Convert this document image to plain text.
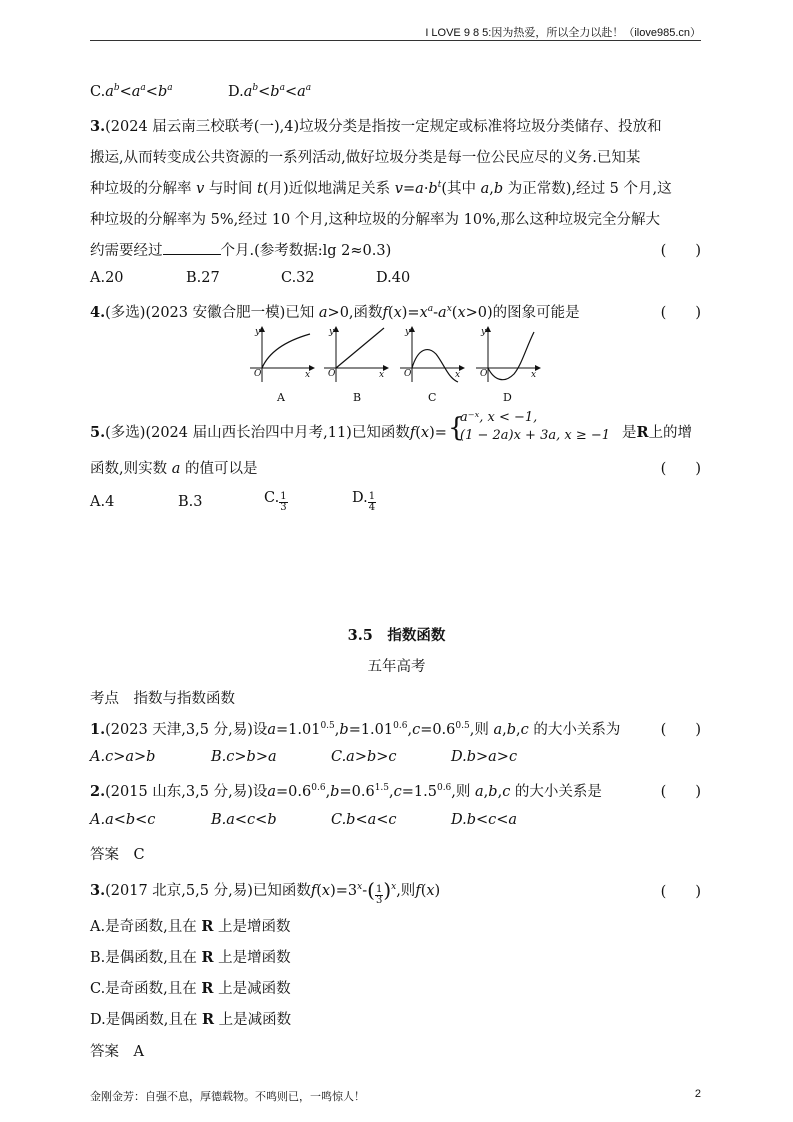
I LOVE 9 8 5:因为热爱，所以全力以赴！（ilove985.cn）
$C.a^b<a^a<b^a$	$D.a^b<b^a<a^a$
3.(2024 届云南三校联考(一),4)垃圾分类是指按一定规定或标准将垃圾分类储存、投放和
搬运,从而转变成公共资源的一系列活动,做好垃圾分类是每一位公民应尽的义务.已知某
种垃圾的分解率 v 与时间 t(月)近似地满足关系 $v=a\cdot b^t$(其中 a,b 为正常数),经过 5 个月,这
种垃圾的分解率为 5%,经过 10 个月,这种垃圾的分解率为 10%,那么这种垃圾完全分解大
约需要经过	个月.(参考数据:lg 2≈0.3)	(　　)
A.20	B.27	C.32	D.40
4.(多选)(2023 安徽合肥一模)已知 a>0,函数$f(x)=x^a-a^x(x>0)$的图象可能是	(　　)
y
x
O
y
x
O
y
x
O
y
x
O
A	B	C	D
5.(多选)(2024 届山西长治四中月考,11)已知函数f(x)= {
a⁻ˣ, x < −1,
(1 − 2a)x + 3a, x ≥ −1 是R上的增
函数,则实数 a 的值可以是	(　　)
A.4	B.3	C. $\frac{1}{3}$	D. $\frac{1}{4}$
3.5　指数函数
五年高考
考点　指数与指数函数
1.(2023 天津,3,5 分,易)设$a=1.01^{0.5},b=1.01^{0.6},c=0.6^{0.5}$,则 a,b,c 的大小关系为	(　　)
A.c>a>b	B.c>b>a	C.a>b>c	D.b>a>c
2.(2015 山东,3,5 分,易)设$a=0.6^{0.6},b=0.6^{1.5},c=1.5^{0.6}$,则 a,b,c 的大小关系是	(　　)
A.a<b<c	B.a<c<b	C.b<a<c	D.b<c<a
答案　C
3.(2017 北京,5,5 分,易)已知函数$f(x)=3^x-( \frac{1}{3} )^x$,则f(x)	(　　)
A.是奇函数,且在 R 上是增函数
B.是偶函数,且在 R 上是增函数
C.是奇函数,且在 R 上是减函数
D.是偶函数,且在 R 上是减函数
答案　A
金刚金芳：自强不息，厚德载物。不鸣则已，一鸣惊人！	2
